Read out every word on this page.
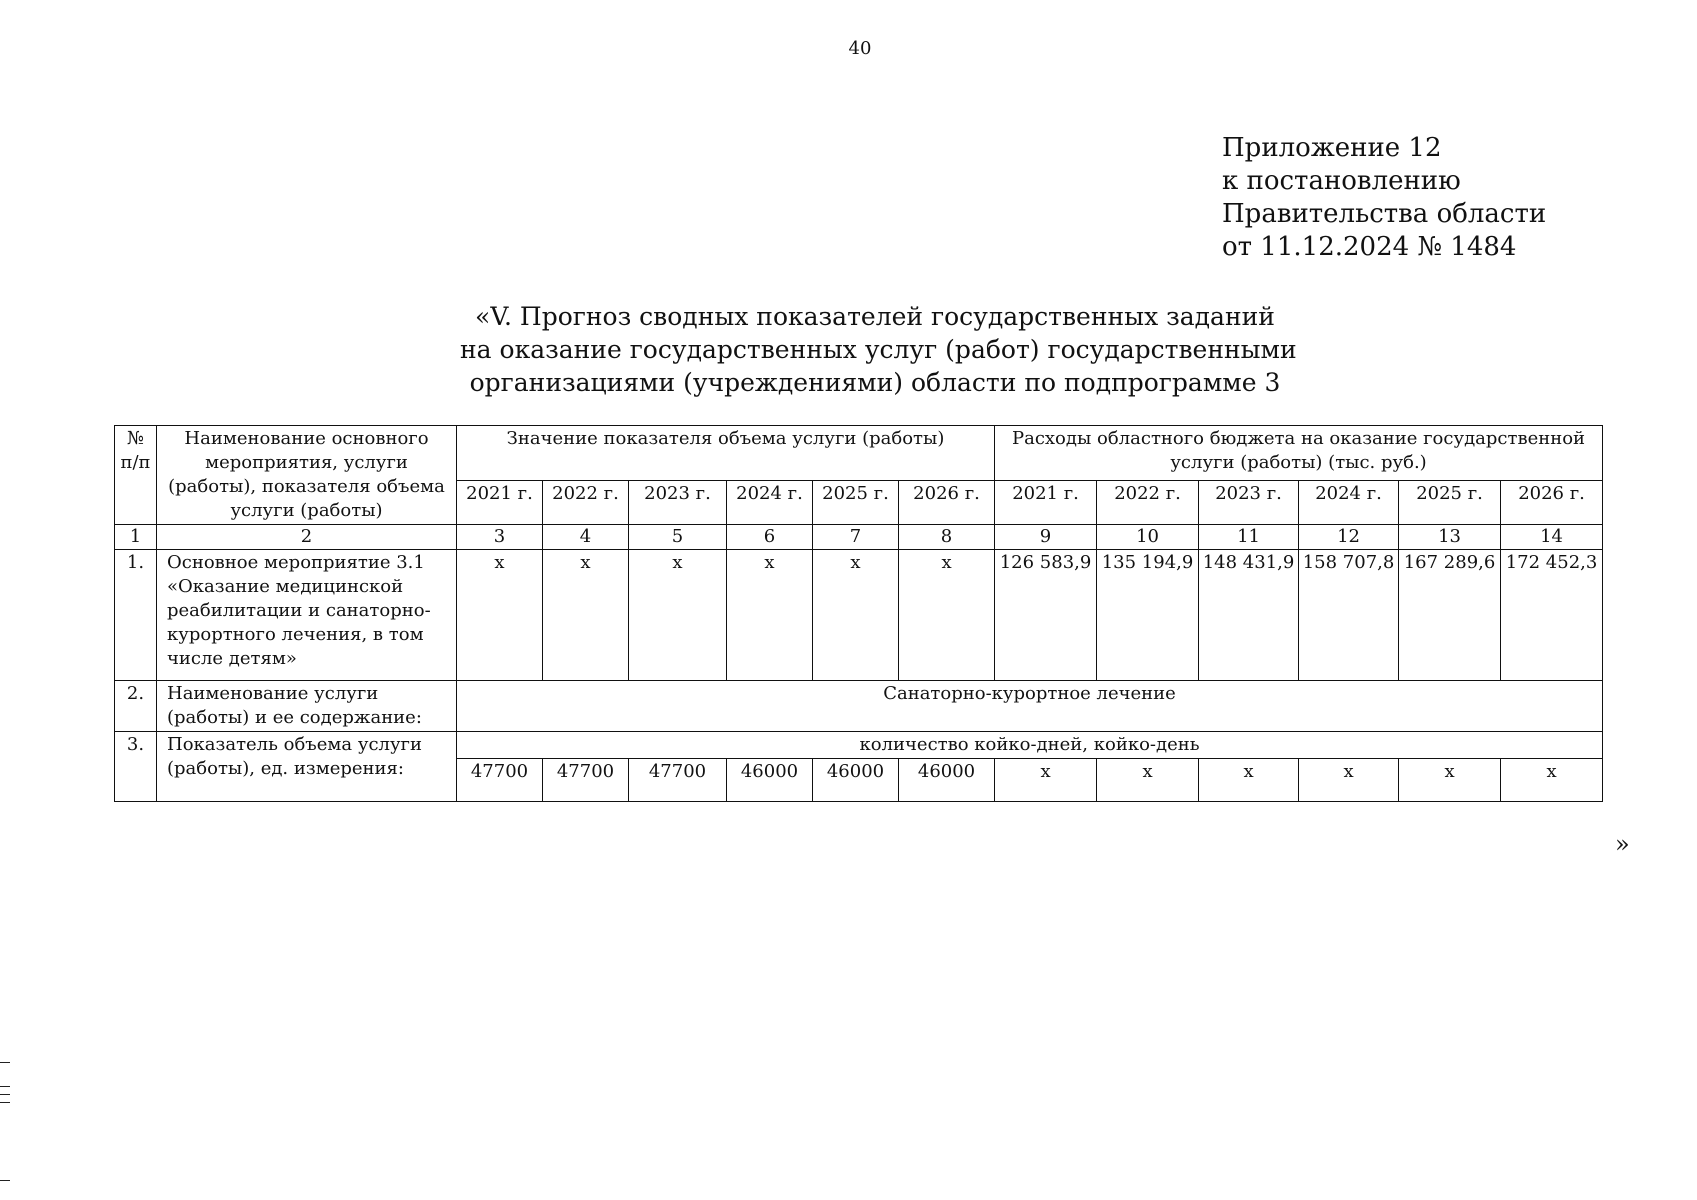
40
Приложение 12
к постановлению
Правительства области
от 11.12.2024 № 1484
«V. Прогноз сводных показателей государственных заданий
на оказание государственных услуг (работ) государственными
организациями (учреждениями) области по подпрограмме 3
№ п/п	Наименование основного мероприятия, услуги (работы), показателя объема услуги (работы)	Значение показателя объема услуги (работы)						Расходы областного бюджета на оказание государственной услуги (работы) (тыс. руб.)					
		2021 г.	2022 г.	2023 г.	2024 г.	2025 г.	2026 г.	2021 г.	2022 г.	2023 г.	2024 г.	2025 г.	2026 г.
1	2	3	4	5	6	7	8	9	10	11	12	13	14
1.	Основное мероприятие 3.1 «Оказание медицинской реабилитации и санаторно-курортного лечения, в том числе детям»	х	х	х	х	х	х	126 583,9	135 194,9	148 431,9	158 707,8	167 289,6	172 452,3
2.	Наименование услуги (работы) и ее содержание:	Санаторно-курортное лечение											
3.	Показатель объема услуги (работы), ед. измерения:	количество койко-дней, койко-день											
		47700	47700	47700	46000	46000	46000	х	х	х	х	х	х
»
